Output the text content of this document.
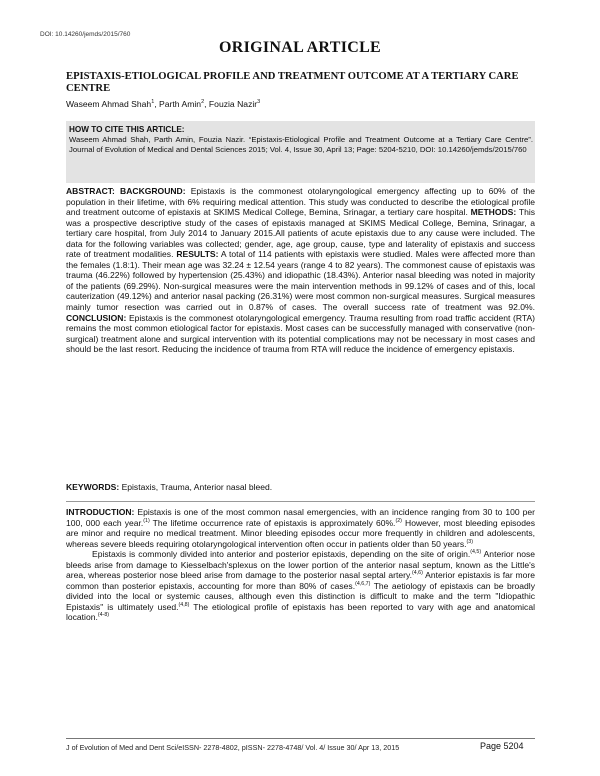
DOI: 10.14260/jemds/2015/760
ORIGINAL ARTICLE
EPISTAXIS-ETIOLOGICAL PROFILE AND TREATMENT OUTCOME AT A TERTIARY CARE CENTRE
Waseem Ahmad Shah$^1$, Parth Amin$^2$, Fouzia Nazir$^3$
HOW TO CITE THIS ARTICLE:
Waseem Ahmad Shah, Parth Amin, Fouzia Nazir. “Epistaxis-Etiological Profile and Treatment Outcome at a Tertiary Care Centre”. Journal of Evolution of Medical and Dental Sciences 2015; Vol. 4, Issue 30, April 13; Page: 5204-5210, DOI: 10.14260/jemds/2015/760
ABSTRACT: BACKGROUND: Epistaxis is the commonest otolaryngological emergency affecting up to 60% of the population in their lifetime, with 6% requiring medical attention. This study was conducted to describe the etiological profile and treatment outcome of epistaxis at SKIMS Medical College, Bemina, Srinagar, a tertiary care hospital. METHODS: This was a prospective descriptive study of the cases of epistaxis managed at SKIMS Medical College, Bemina, Srinagar, a tertiary care hospital, from July 2014 to January 2015.All patients of acute epistaxis due to any cause were included. The data for the following variables was collected; gender, age, age group, cause, type and laterality of epistaxis and success rate of treatment modalities. RESULTS: A total of 114 patients with epistaxis were studied. Males were affected more than the females (1.8:1). Their mean age was 32.24 ± 12.54 years (range 4 to 82 years). The commonest cause of epistaxis was trauma (46.22%) followed by hypertension (25.43%) and idiopathic (18.43%). Anterior nasal bleeding was noted in majority of the patients (69.29%). Non-surgical measures were the main intervention methods in 99.12% of cases and of this, local cauterization (49.12%) and anterior nasal packing (26.31%) were most common non-surgical measures. Surgical measures mainly tumor resection was carried out in 0.87% of cases. The overall success rate of treatment was 92.0%. CONCLUSION: Epistaxis is the commonest otolaryngological emergency. Trauma resulting from road traffic accident (RTA) remains the most common etiological factor for epistaxis. Most cases can be successfully managed with conservative (non-surgical) treatment alone and surgical intervention with its potential complications may not be necessary in most cases and should be the last resort. Reducing the incidence of trauma from RTA will reduce the incidence of emergency epistaxis.
KEYWORDS: Epistaxis, Trauma, Anterior nasal bleed.

INTRODUCTION: Epistaxis is one of the most common nasal emergencies, with an incidence ranging from 30 to 100 per 100, 000 each year.$^{(1)}$ The lifetime occurrence rate of epistaxis is approximately 60%.$^{(2)}$ However, most bleeding episodes are minor and require no medical treatment. Minor bleeding episodes occur more frequently in children and adolescents, whereas severe bleeds requiring otolaryngological intervention often occur in patients older than 50 years.$^{(3)}$

Epistaxis is commonly divided into anterior and posterior epistaxis, depending on the site of origin.$^{(4,5)}$ Anterior nose bleeds arise from damage to Kiesselbach'splexus on the lower portion of the anterior nasal septum, known as the Little's area, whereas posterior nose bleed arise from damage to the posterior nasal septal artery.$^{(4,6)}$ Anterior epistaxis is far more common than posterior epistaxis, accounting for more than 80% of cases.$^{(4,6,7)}$ The aetiology of epistaxis can be broadly divided into the local or systemic causes, although even this distinction is difficult to make and the term "Idiopathic Epistaxis" is ultimately used.$^{(4,8)}$ The etiological profile of epistaxis has been reported to vary with age and anatomical location.$^{(4-8)}$

J of Evolution of Med and Dent Sci/eISSN- 2278-4802, pISSN- 2278-4748/ Vol. 4/ Issue 30/ Apr 13, 2015	Page 5204
